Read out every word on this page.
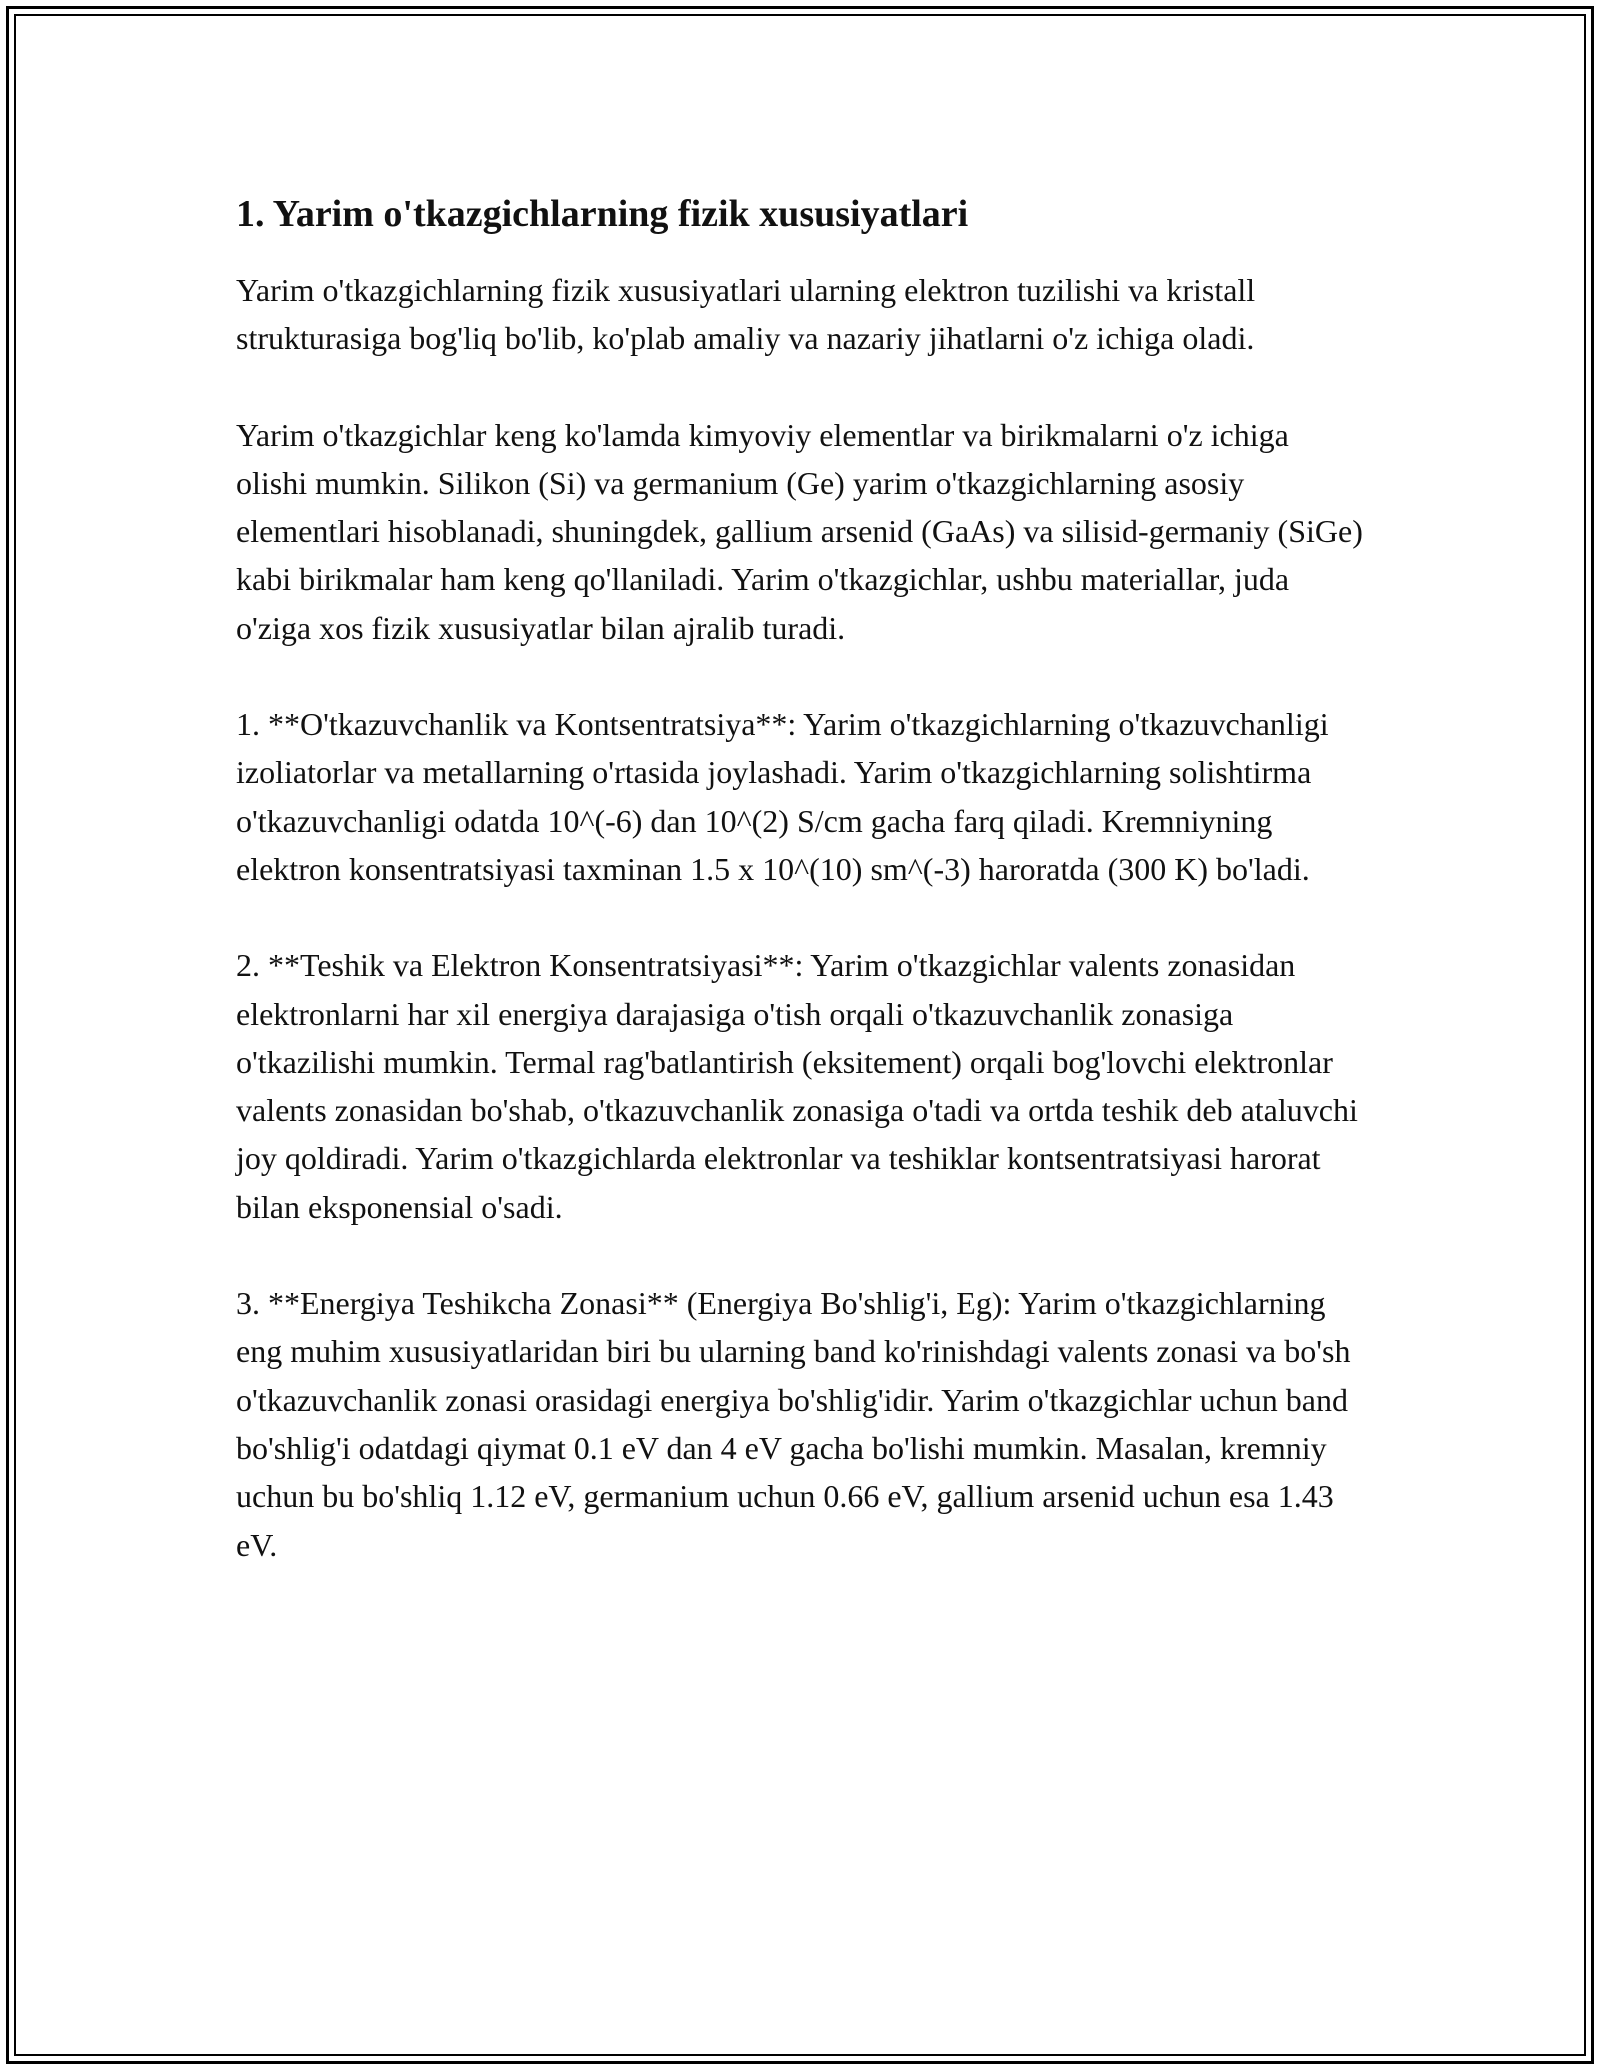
1. Yarim o'tkazgichlarning fizik xususiyatlari

Yarim o'tkazgichlarning fizik xususiyatlari ularning elektron tuzilishi va kristall strukturasiga bog'liq bo'lib, ko'plab amaliy va nazariy jihatlarni o'z ichiga oladi.

Yarim o'tkazgichlar keng ko'lamda kimyoviy elementlar va birikmalarni o'z ichiga olishi mumkin. Silikon (Si) va germanium (Ge) yarim o'tkazgichlarning asosiy elementlari hisoblanadi, shuningdek, gallium arsenid (GaAs) va silisid-germaniy (SiGe) kabi birikmalar ham keng qo'llaniladi. Yarim o'tkazgichlar, ushbu materiallar, juda o'ziga xos fizik xususiyatlar bilan ajralib turadi.

1. **O'tkazuvchanlik va Kontsentratsiya**: Yarim o'tkazgichlarning o'tkazuvchanligi izoliatorlar va metallarning o'rtasida joylashadi. Yarim o'tkazgichlarning solishtirma o'tkazuvchanligi odatda 10^(-6) dan 10^(2) S/cm gacha farq qiladi. Kremniyning elektron konsentratsiyasi taxminan 1.5 x 10^(10) sm^(-3) haroratda (300 K) bo'ladi.

2. **Teshik va Elektron Konsentratsiyasi**: Yarim o'tkazgichlar valents zonasidan elektronlarni har xil energiya darajasiga o'tish orqali o'tkazuvchanlik zonasiga o'tkazilishi mumkin. Termal rag'batlantirish (eksitement) orqali bog'lovchi elektronlar valents zonasidan bo'shab, o'tkazuvchanlik zonasiga o'tadi va ortda teshik deb ataluvchi joy qoldiradi. Yarim o'tkazgichlarda elektronlar va teshiklar kontsentratsiyasi harorat bilan eksponensial o'sadi.

3. **Energiya Teshikcha Zonasi** (Energiya Bo'shlig'i, Eg): Yarim o'tkazgichlarning eng muhim xususiyatlaridan biri bu ularning band ko'rinishdagi valents zonasi va bo'sh o'tkazuvchanlik zonasi orasidagi energiya bo'shlig'idir. Yarim o'tkazgichlar uchun band bo'shlig'i odatdagi qiymat 0.1 eV dan 4 eV gacha bo'lishi mumkin. Masalan, kremniy uchun bu bo'shliq 1.12 eV, germanium uchun 0.66 eV, gallium arsenid uchun esa 1.43 eV.
